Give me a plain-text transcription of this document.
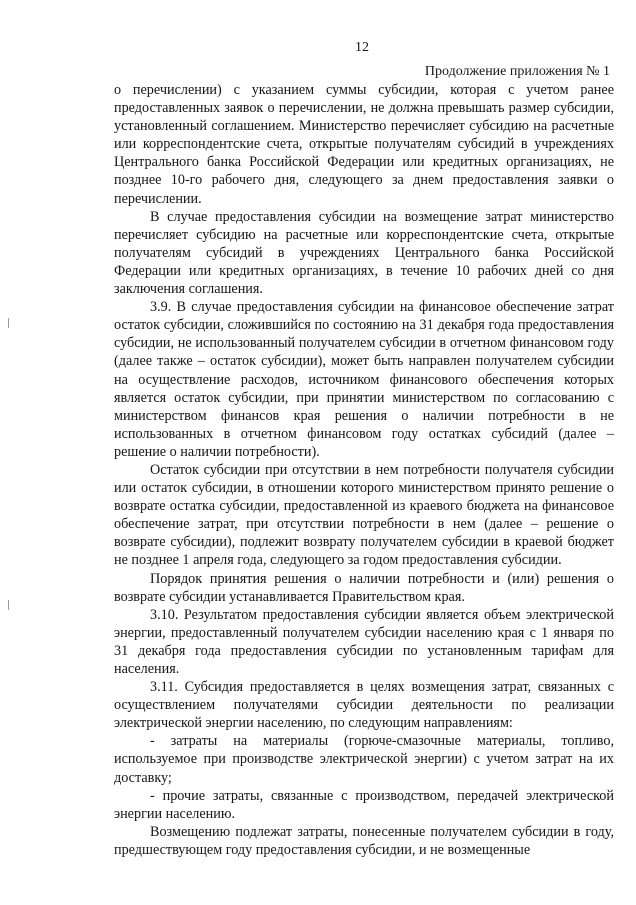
12
Продолжение приложения № 1

о перечислении) с указанием суммы субсидии, которая с учетом ранее предоставленных заявок о перечислении, не должна превышать размер субсидии, установленный соглашением. Министерство перечисляет субсидию на расчетные или корреспондентские счета, открытые получателям субсидий в учреждениях Центрального банка Российской Федерации или кредитных организациях, не позднее 10-го рабочего дня, следующего за днем предоставления заявки о перечислении.

В случае предоставления субсидии на возмещение затрат министерство перечисляет субсидию на расчетные или корреспондентские счета, открытые получателям субсидий в учреждениях Центрального банка Российской Федерации или кредитных организациях, в течение 10 рабочих дней со дня заключения соглашения.

3.9. В случае предоставления субсидии на финансовое обеспечение затрат остаток субсидии, сложившийся по состоянию на 31 декабря года предоставления субсидии, не использованный получателем субсидии в отчетном финансовом году (далее также – остаток субсидии), может быть направлен получателем субсидии на осуществление расходов, источником финансового обеспечения которых является остаток субсидии, при принятии министерством по согласованию с министерством финансов края решения о наличии потребности в не использованных в отчетном финансовом году остатках субсидий (далее – решение о наличии потребности).

Остаток субсидии при отсутствии в нем потребности получателя субсидии или остаток субсидии, в отношении которого министерством принято решение о возврате остатка субсидии, предоставленной из краевого бюджета на финансовое обеспечение затрат, при отсутствии потребности в нем (далее – решение о возврате субсидии), подлежит возврату получателем субсидии в краевой бюджет не позднее 1 апреля года, следующего за годом предоставления субсидии.

Порядок принятия решения о наличии потребности и (или) решения о возврате субсидии устанавливается Правительством края.

3.10. Результатом предоставления субсидии является объем электрической энергии, предоставленный получателем субсидии населению края с 1 января по 31 декабря года предоставления субсидии по установленным тарифам для населения.

3.11. Субсидия предоставляется в целях возмещения затрат, связанных с осуществлением получателями субсидии деятельности по реализации электрической энергии населению, по следующим направлениям:

- затраты на материалы (горюче-смазочные материалы, топливо, используемое при производстве электрической энергии) с учетом затрат на их доставку;

- прочие затраты, связанные с производством, передачей электрической энергии населению.

Возмещению подлежат затраты, понесенные получателем субсидии в году, предшествующем году предоставления субсидии, и не возмещенные
